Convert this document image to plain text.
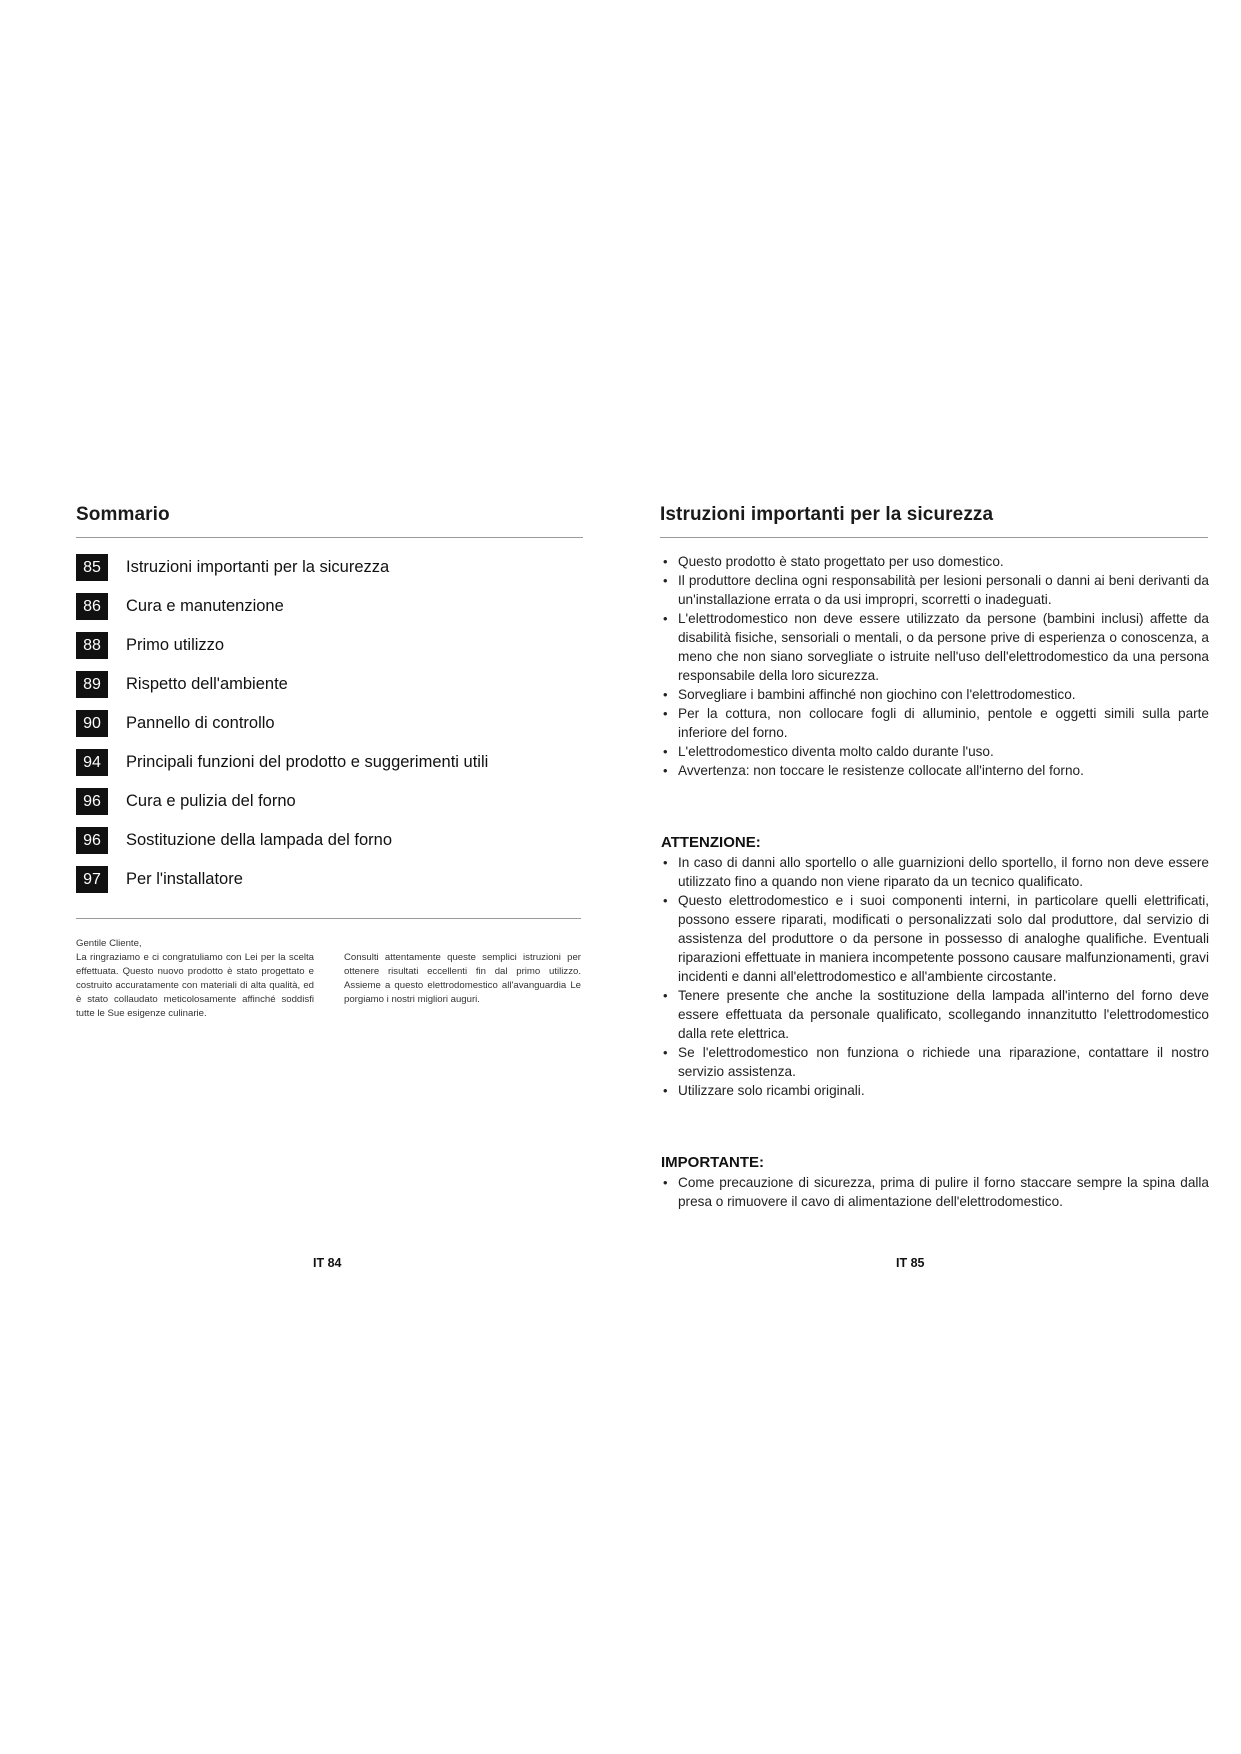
Sommario
85	Istruzioni importanti per la sicurezza
86	Cura e manutenzione
88	Primo utilizzo
89	Rispetto dell'ambiente
90	Pannello di controllo
94	Principali funzioni del prodotto e suggerimenti utili
96	Cura e pulizia del forno
96	Sostituzione della lampada del forno
97	Per l'installatore

Gentile Cliente,

La ringraziamo e ci congratuliamo con Lei per la scelta effettuata. Questo nuovo prodotto è stato progettato e costruito accuratamente con materiali di alta qualità, ed è stato collaudato meticolosamente affinché soddisfi tutte le Sue esigenze culinarie.

Consulti attentamente queste semplici istruzioni per ottenere risultati eccellenti fin dal primo utilizzo. Assieme a questo elettrodomestico all'avanguardia Le porgiamo i nostri migliori auguri.

IT 84
Istruzioni importanti per la sicurezza
• Questo prodotto è stato progettato per uso domestico.
• Il produttore declina ogni responsabilità per lesioni personali o danni ai beni derivanti da un'installazione errata o da usi impropri, scorretti o inadeguati.
• L'elettrodomestico non deve essere utilizzato da persone (bambini inclusi) affette da disabilità fisiche, sensoriali o mentali, o da persone prive di esperienza o conoscenza, a meno che non siano sorvegliate o istruite nell'uso dell'elettrodomestico da una persona responsabile della loro sicurezza.
• Sorvegliare i bambini affinché non giochino con l'elettrodomestico.
• Per la cottura, non collocare fogli di alluminio, pentole e oggetti simili sulla parte inferiore del forno.
• L'elettrodomestico diventa molto caldo durante l'uso.
• Avvertenza: non toccare le resistenze collocate all'interno del forno.
ATTENZIONE:
• In caso di danni allo sportello o alle guarnizioni dello sportello, il forno non deve essere utilizzato fino a quando non viene riparato da un tecnico qualificato.
• Questo elettrodomestico e i suoi componenti interni, in particolare quelli elettrificati, possono essere riparati, modificati o personalizzati solo dal produttore, dal servizio di assistenza del produttore o da persone in possesso di analoghe qualifiche. Eventuali riparazioni effettuate in maniera incompetente possono causare malfunzionamenti, gravi incidenti e danni all'elettrodomestico e all'ambiente circostante.
• Tenere presente che anche la sostituzione della lampada all'interno del forno deve essere effettuata da personale qualificato, scollegando innanzitutto l'elettrodomestico dalla rete elettrica.
• Se l'elettrodomestico non funziona o richiede una riparazione, contattare il nostro servizio assistenza.
• Utilizzare solo ricambi originali.
IMPORTANTE:
• Come precauzione di sicurezza, prima di pulire il forno staccare sempre la spina dalla presa o rimuovere il cavo di alimentazione dell'elettrodomestico.
IT 85
